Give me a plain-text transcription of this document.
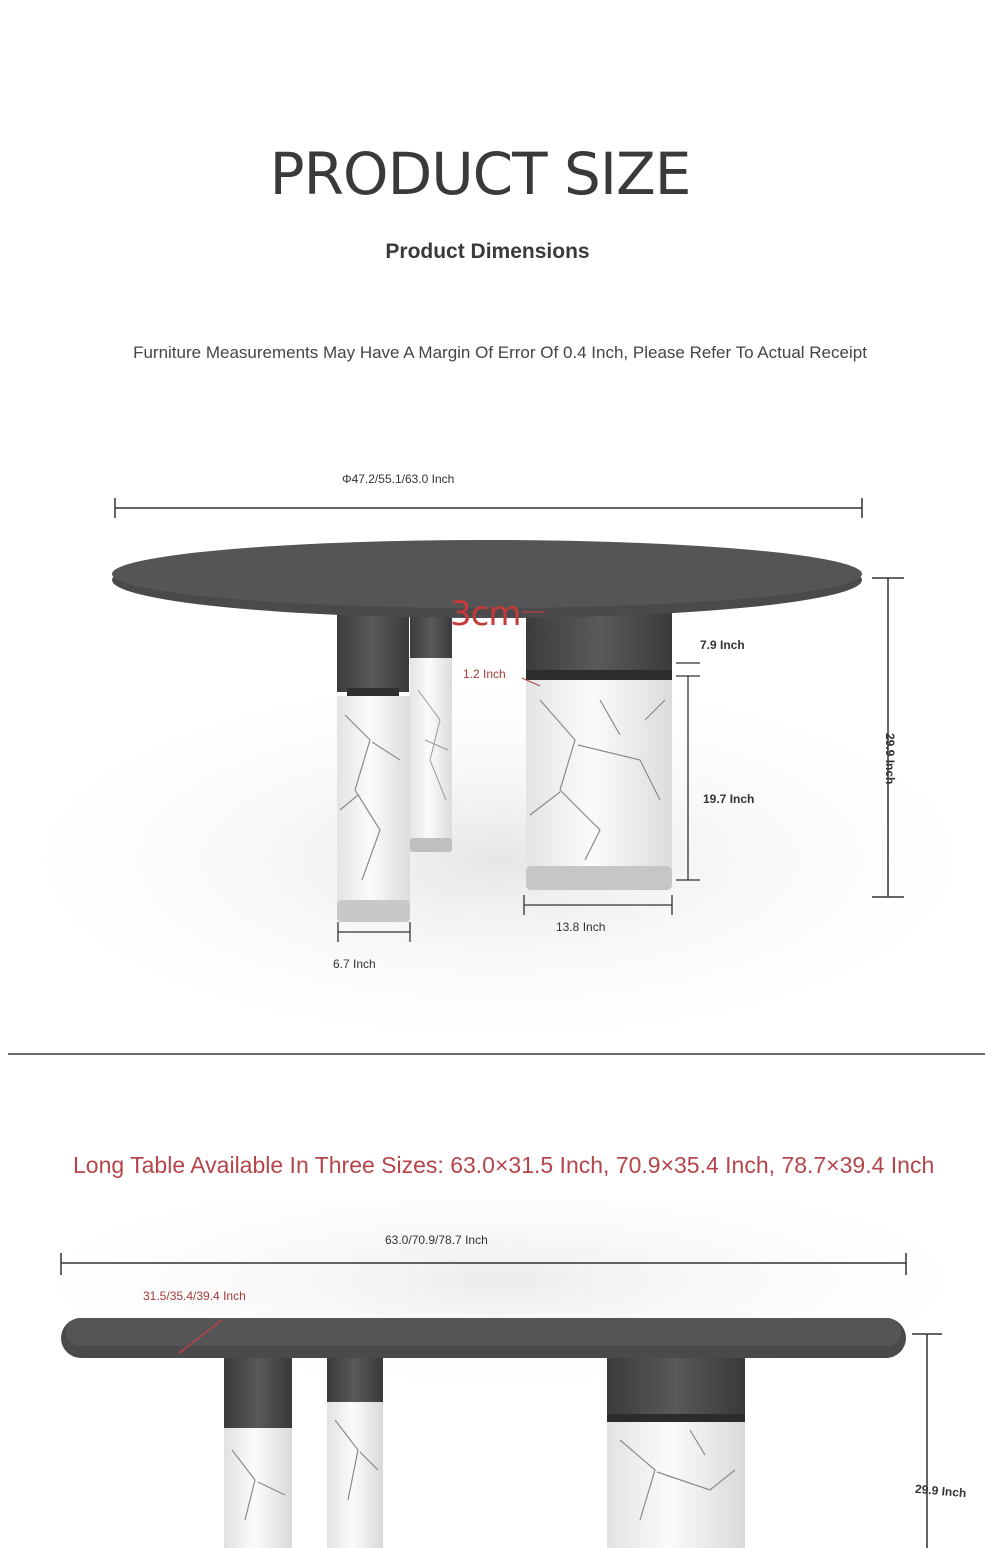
PRODUCT SIZE
Product Dimensions
Furniture Measurements May Have A Margin Of Error Of 0.4 Inch, Please Refer To Actual Receipt
Φ47.2/55.1/63.0 Inch
3cm
1.2 Inch
7.9 Inch
19.7 Inch
29.9 Inch
13.8 Inch
6.7 Inch
Long Table Available In Three Sizes: 63.0×31.5 Inch, 70.9×35.4 Inch, 78.7×39.4 Inch
63.0/70.9/78.7 Inch
31.5/35.4/39.4 Inch
29.9 Inch
